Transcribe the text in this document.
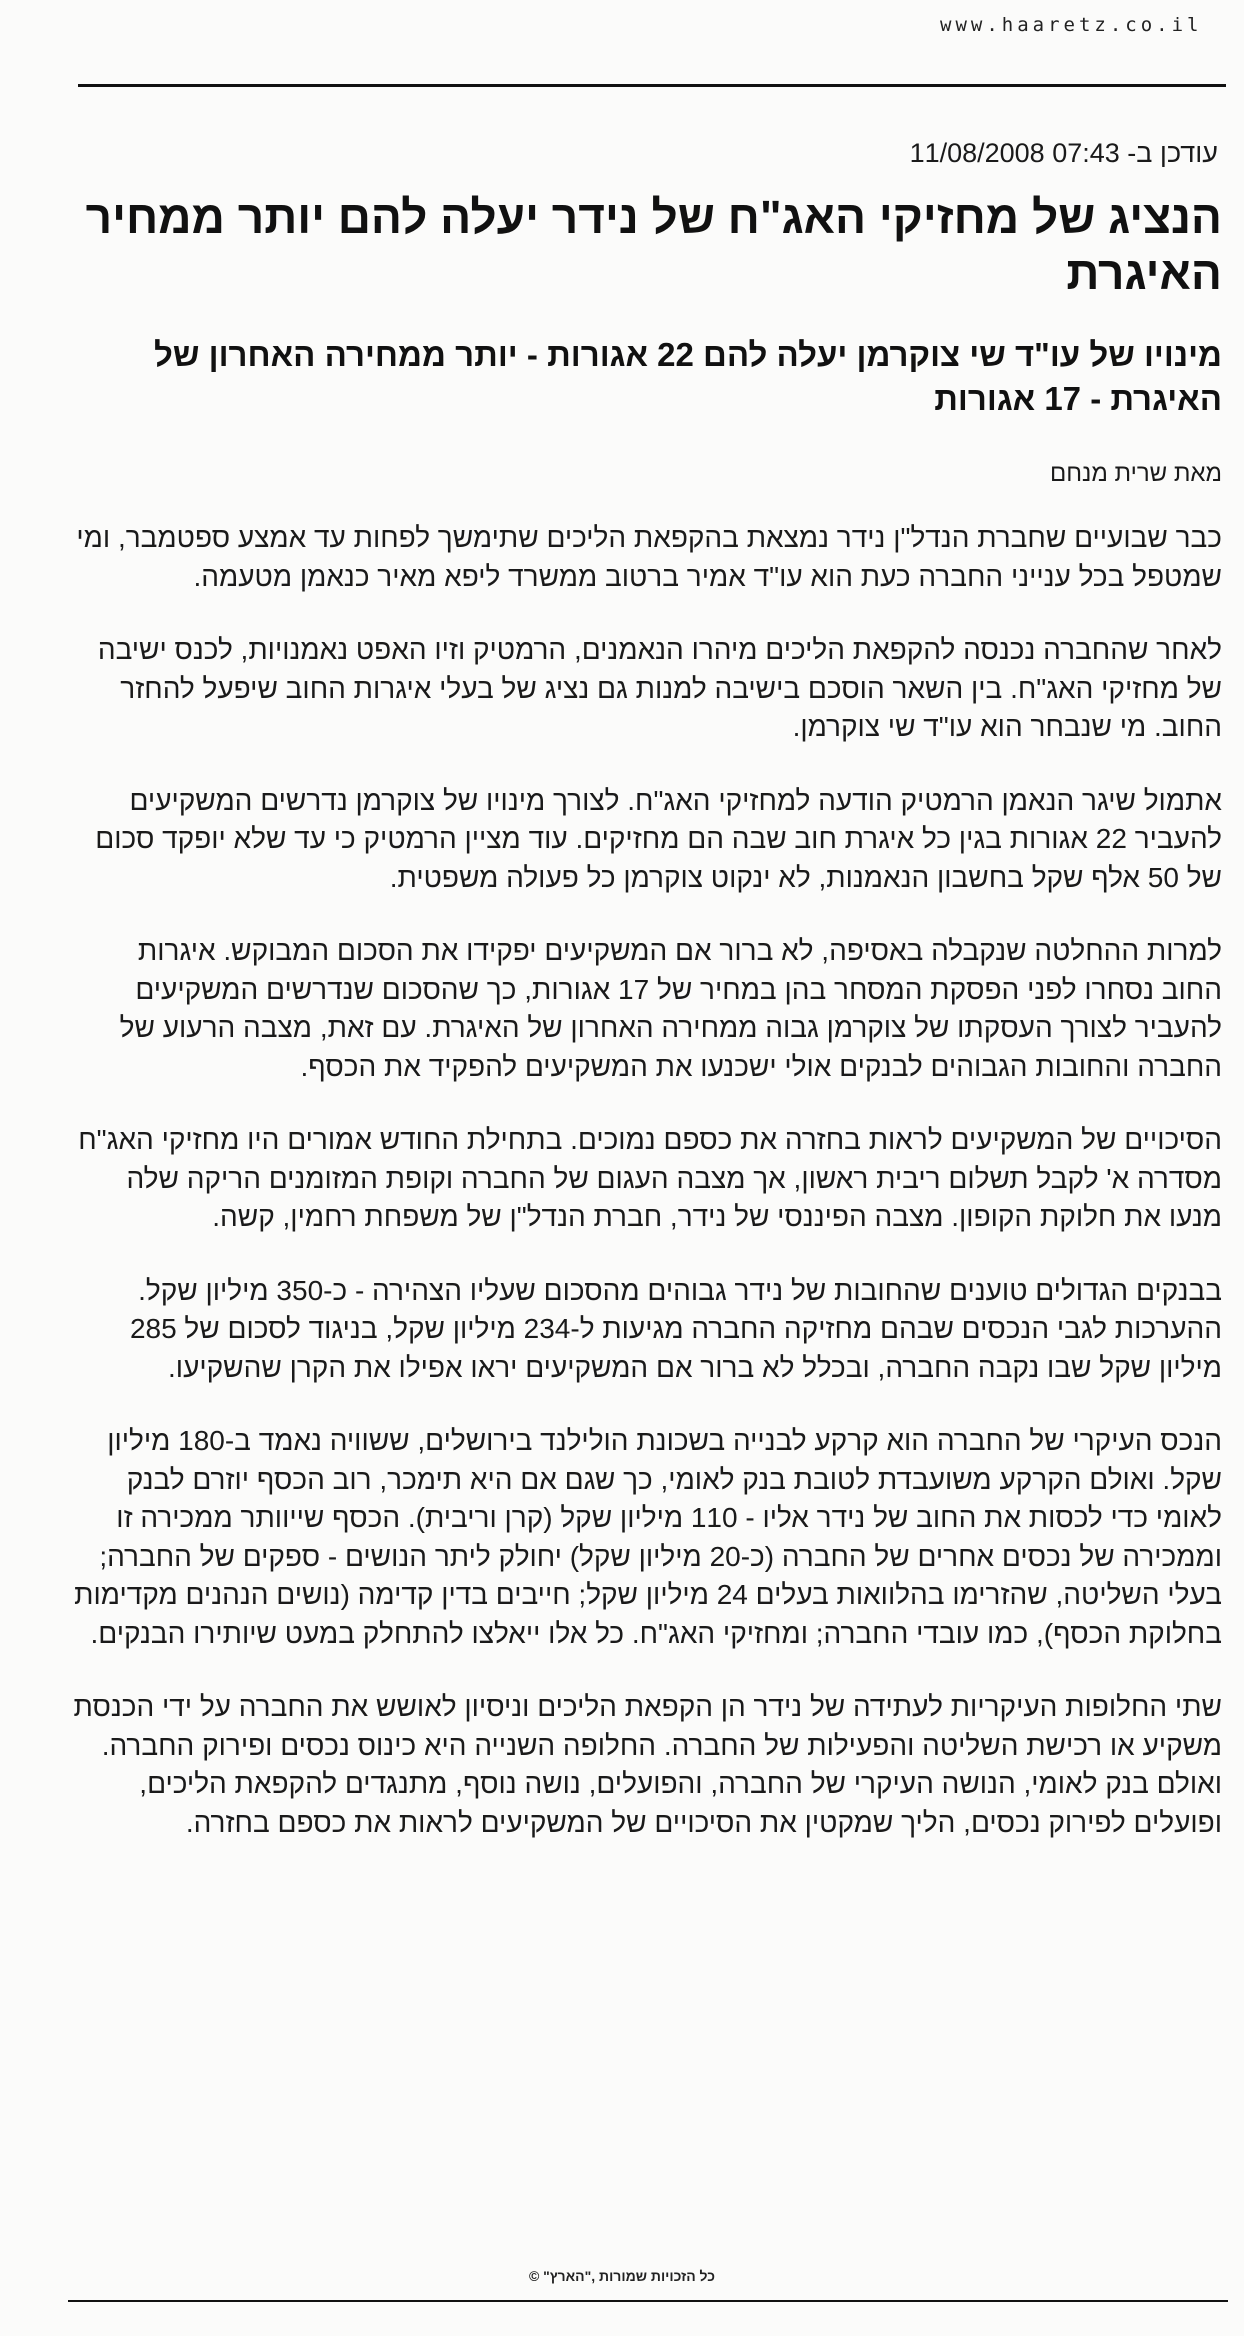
www.haaretz.co.il
עודכן ב- 11/08/2008 07:43
הנציג של מחזיקי האג"ח של נידר יעלה להם יותר ממחיר האיגרת
מינויו של עו"ד שי צוקרמן יעלה להם 22 אגורות - יותר ממחירה האחרון של האיגרת - 17 אגורות
מאת שרית מנחם

כבר שבועיים שחברת הנדל"ן נידר נמצאת בהקפאת הליכים שתימשך לפחות עד אמצע ספטמבר, ומי שמטפל בכל ענייני החברה כעת הוא עו"ד אמיר ברטוב ממשרד ליפא מאיר כנאמן מטעמה.

לאחר שהחברה נכנסה להקפאת הליכים מיהרו הנאמנים, הרמטיק וזיו האפט נאמנויות, לכנס ישיבה של מחזיקי האג"ח. בין השאר הוסכם בישיבה למנות גם נציג של בעלי איגרות החוב שיפעל להחזר החוב. מי שנבחר הוא עו"ד שי צוקרמן.

אתמול שיגר הנאמן הרמטיק הודעה למחזיקי האג"ח. לצורך מינויו של צוקרמן נדרשים המשקיעים להעביר 22 אגורות בגין כל איגרת חוב שבה הם מחזיקים. עוד מציין הרמטיק כי עד שלא יופקד סכום של 50 אלף שקל בחשבון הנאמנות, לא ינקוט צוקרמן כל פעולה משפטית.

למרות ההחלטה שנקבלה באסיפה, לא ברור אם המשקיעים יפקידו את הסכום המבוקש. איגרות החוב נסחרו לפני הפסקת המסחר בהן במחיר של 17 אגורות, כך שהסכום שנדרשים המשקיעים להעביר לצורך העסקתו של צוקרמן גבוה ממחירה האחרון של האיגרת. עם זאת, מצבה הרעוע של החברה והחובות הגבוהים לבנקים אולי ישכנעו את המשקיעים להפקיד את הכסף.

הסיכויים של המשקיעים לראות בחזרה את כספם נמוכים. בתחילת החודש אמורים היו מחזיקי האג"ח מסדרה א' לקבל תשלום ריבית ראשון, אך מצבה העגום של החברה וקופת המזומנים הריקה שלה מנעו את חלוקת הקופון. מצבה הפיננסי של נידר, חברת הנדל"ן של משפחת רחמין, קשה.

בבנקים הגדולים טוענים שהחובות של נידר גבוהים מהסכום שעליו הצהירה - כ-350 מיליון שקל. ההערכות לגבי הנכסים שבהם מחזיקה החברה מגיעות ל-234 מיליון שקל, בניגוד לסכום של 285 מיליון שקל שבו נקבה החברה, ובכלל לא ברור אם המשקיעים יראו אפילו את הקרן שהשקיעו.

הנכס העיקרי של החברה הוא קרקע לבנייה בשכונת הולילנד בירושלים, ששוויה נאמד ב-180 מיליון שקל. ואולם הקרקע משועבדת לטובת בנק לאומי, כך שגם אם היא תימכר, רוב הכסף יוזרם לבנק לאומי כדי לכסות את החוב של נידר אליו - 110 מיליון שקל (קרן וריבית). הכסף שייוותר ממכירה זו וממכירה של נכסים אחרים של החברה (כ-20 מיליון שקל) יחולק ליתר הנושים - ספקים של החברה; בעלי השליטה, שהזרימו בהלוואות בעלים 24 מיליון שקל; חייבים בדין קדימה (נושים הנהנים מקדימות בחלוקת הכסף), כמו עובדי החברה; ומחזיקי האג"ח. כל אלו ייאלצו להתחלק במעט שיותירו הבנקים.

שתי החלופות העיקריות לעתידה של נידר הן הקפאת הליכים וניסיון לאושש את החברה על ידי הכנסת משקיע או רכישת השליטה והפעילות של החברה. החלופה השנייה היא כינוס נכסים ופירוק החברה. ואולם בנק לאומי, הנושה העיקרי של החברה, והפועלים, נושה נוסף, מתנגדים להקפאת הליכים, ופועלים לפירוק נכסים, הליך שמקטין את הסיכויים של המשקיעים לראות את כספם בחזרה.

כל הזכויות שמורות ,"הארץ" ©
